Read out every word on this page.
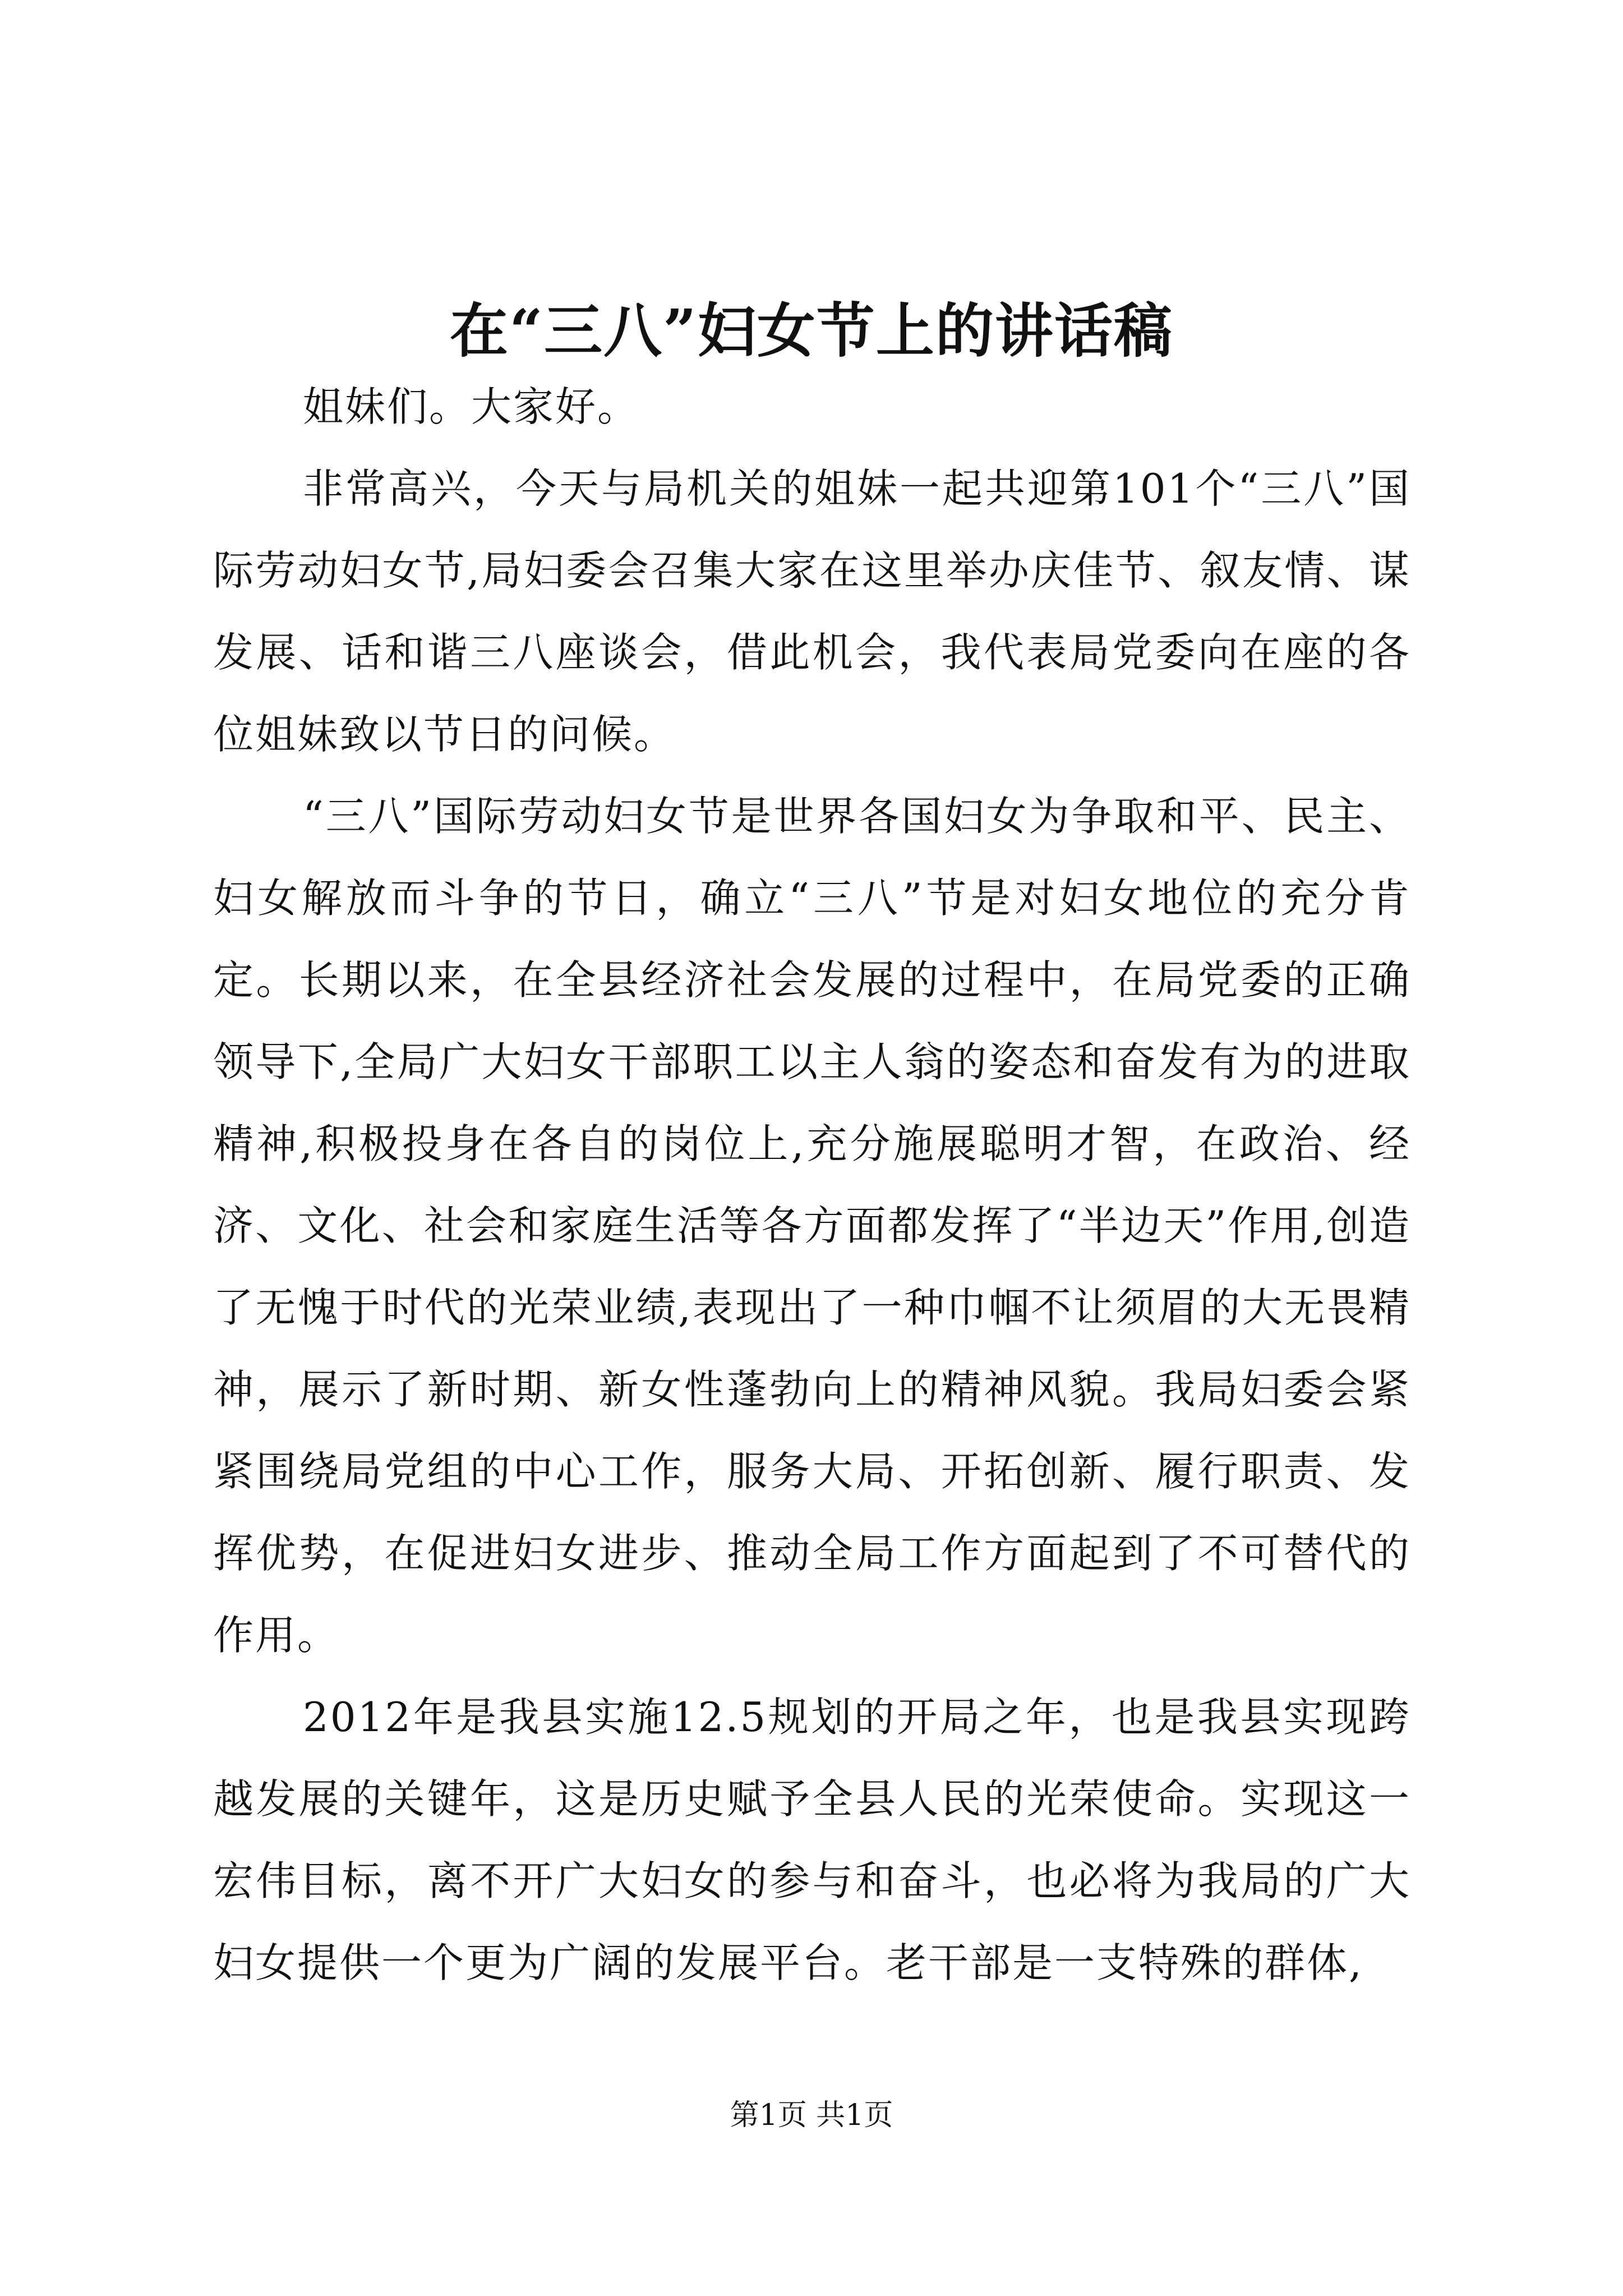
在“三八”妇女节上的讲话稿

姐妹们。大家好。

非常高兴，今天与局机关的姐妹一起共迎第101个“三八”国际劳动妇女节,局妇委会召集大家在这里举办庆佳节、叙友情、谋发展、话和谐三八座谈会，借此机会，我代表局党委向在座的各位姐妹致以节日的问候。

“三八”国际劳动妇女节是世界各国妇女为争取和平、民主、妇女解放而斗争的节日，确立“三八”节是对妇女地位的充分肯定。长期以来，在全县经济社会发展的过程中，在局党委的正确领导下,全局广大妇女干部职工以主人翁的姿态和奋发有为的进取精神,积极投身在各自的岗位上,充分施展聪明才智，在政治、经济、文化、社会和家庭生活等各方面都发挥了“半边天”作用,创造了无愧于时代的光荣业绩,表现出了一种巾帼不让须眉的大无畏精神，展示了新时期、新女性蓬勃向上的精神风貌。我局妇委会紧紧围绕局党组的中心工作，服务大局、开拓创新、履行职责、发挥优势，在促进妇女进步、推动全局工作方面起到了不可替代的作用。

2012年是我县实施12.5规划的开局之年，也是我县实现跨越发展的关键年，这是历史赋予全县人民的光荣使命。实现这一宏伟目标，离不开广大妇女的参与和奋斗，也必将为我局的广大妇女提供一个更为广阔的发展平台。老干部是一支特殊的群体,

第1页 共1页
